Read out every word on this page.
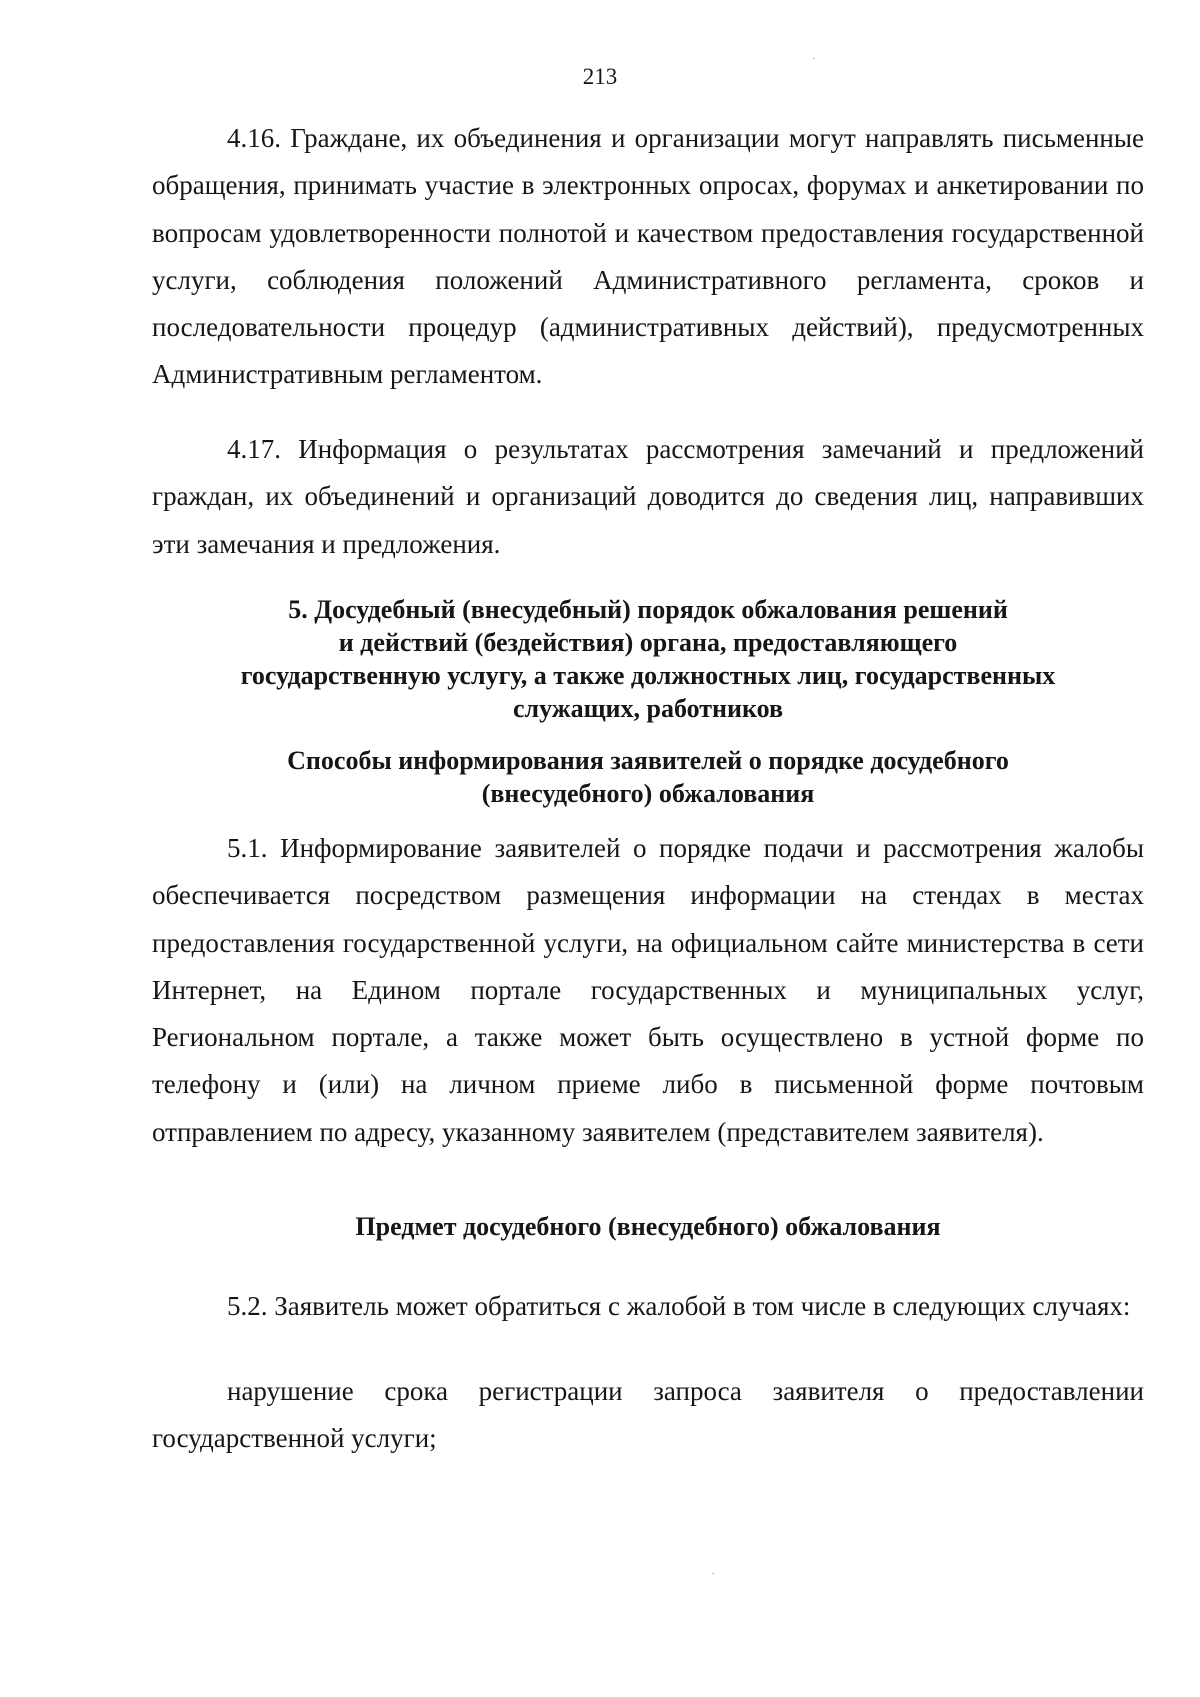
213

4.16. Граждане, их объединения и организации могут направлять письменные обращения, принимать участие в электронных опросах, форумах и анкетировании по вопросам удовлетворенности полнотой и качеством предоставления государственной услуги, соблюдения положений Административного регламента, сроков и последовательности процедур (административных действий), предусмотренных Административным регламентом.

4.17. Информация о результатах рассмотрения замечаний и предложений граждан, их объединений и организаций доводится до сведения лиц, направивших эти замечания и предложения.

5. Досудебный (внесудебный) порядок обжалования решений
и действий (бездействия) органа, предоставляющего
государственную услугу, а также должностных лиц, государственных
служащих, работников
Способы информирования заявителей о порядке досудебного
(внесудебного) обжалования

5.1. Информирование заявителей о порядке подачи и рассмотрения жалобы обеспечивается посредством размещения информации на стендах в местах предоставления государственной услуги, на официальном сайте министерства в сети Интернет, на Едином портале государственных и муниципальных услуг, Региональном портале, а также может быть осуществлено в устной форме по телефону и (или) на личном приеме либо в письменной форме почтовым отправлением по адресу, указанному заявителем (представителем заявителя).

Предмет досудебного (внесудебного) обжалования

5.2. Заявитель может обратиться с жалобой в том числе в следующих случаях:

нарушение срока регистрации запроса заявителя о предоставлении государственной услуги;
